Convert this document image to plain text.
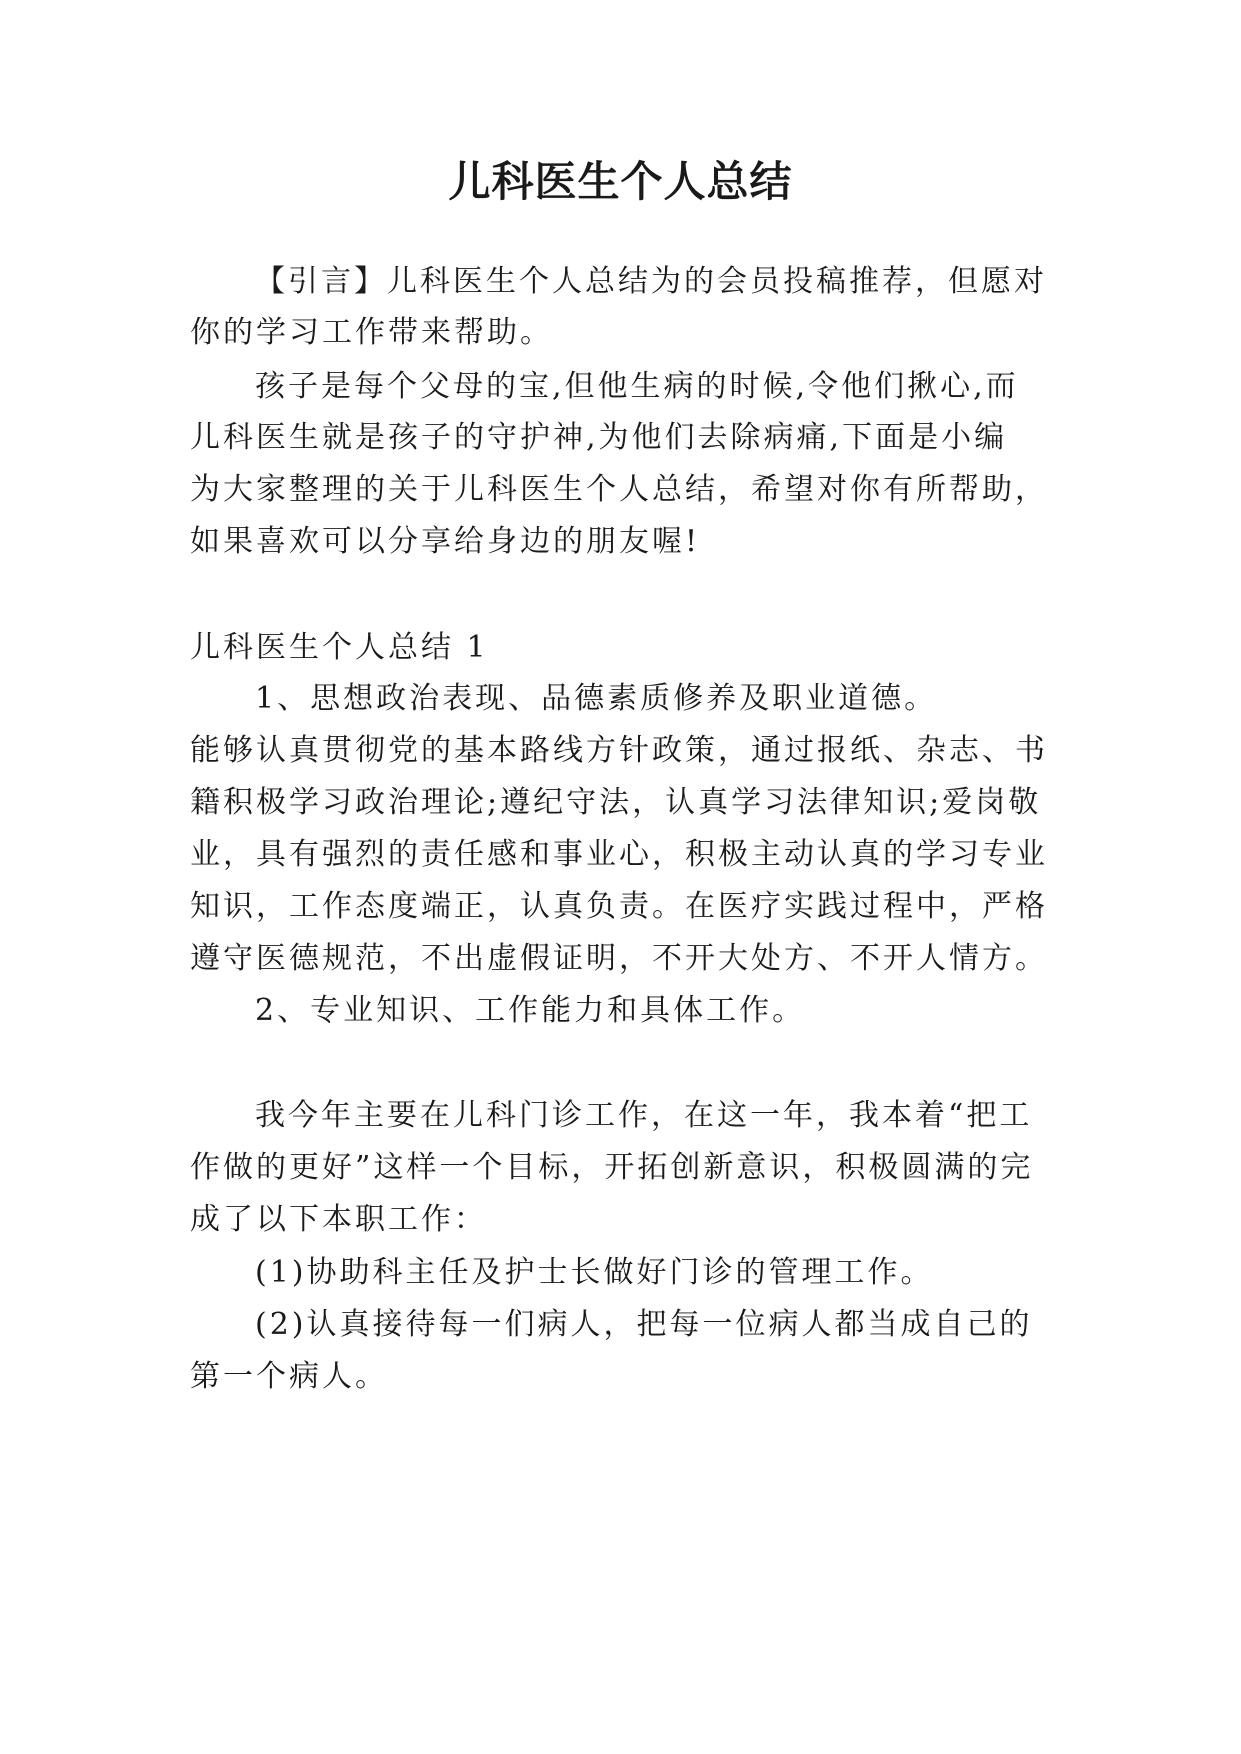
儿科医生个人总结
【引言】儿科医生个人总结为的会员投稿推荐，但愿对
你的学习工作带来帮助。
孩子是每个父母的宝,但他生病的时候,令他们揪心,而
儿科医生就是孩子的守护神,为他们去除病痛,下面是小编
为大家整理的关于儿科医生个人总结，希望对你有所帮助，
如果喜欢可以分享给身边的朋友喔!
儿科医生个人总结 1
1、思想政治表现、品德素质修养及职业道德。
能够认真贯彻党的基本路线方针政策，通过报纸、杂志、书
籍积极学习政治理论;遵纪守法，认真学习法律知识;爱岗敬
业，具有强烈的责任感和事业心，积极主动认真的学习专业
知识，工作态度端正，认真负责。在医疗实践过程中，严格
遵守医德规范，不出虚假证明，不开大处方、不开人情方。
2、专业知识、工作能力和具体工作。
我今年主要在儿科门诊工作，在这一年，我本着“把工
作做的更好”这样一个目标，开拓创新意识，积极圆满的完
成了以下本职工作：
(1)协助科主任及护士长做好门诊的管理工作。
(2)认真接待每一们病人，把每一位病人都当成自己的
第一个病人。
